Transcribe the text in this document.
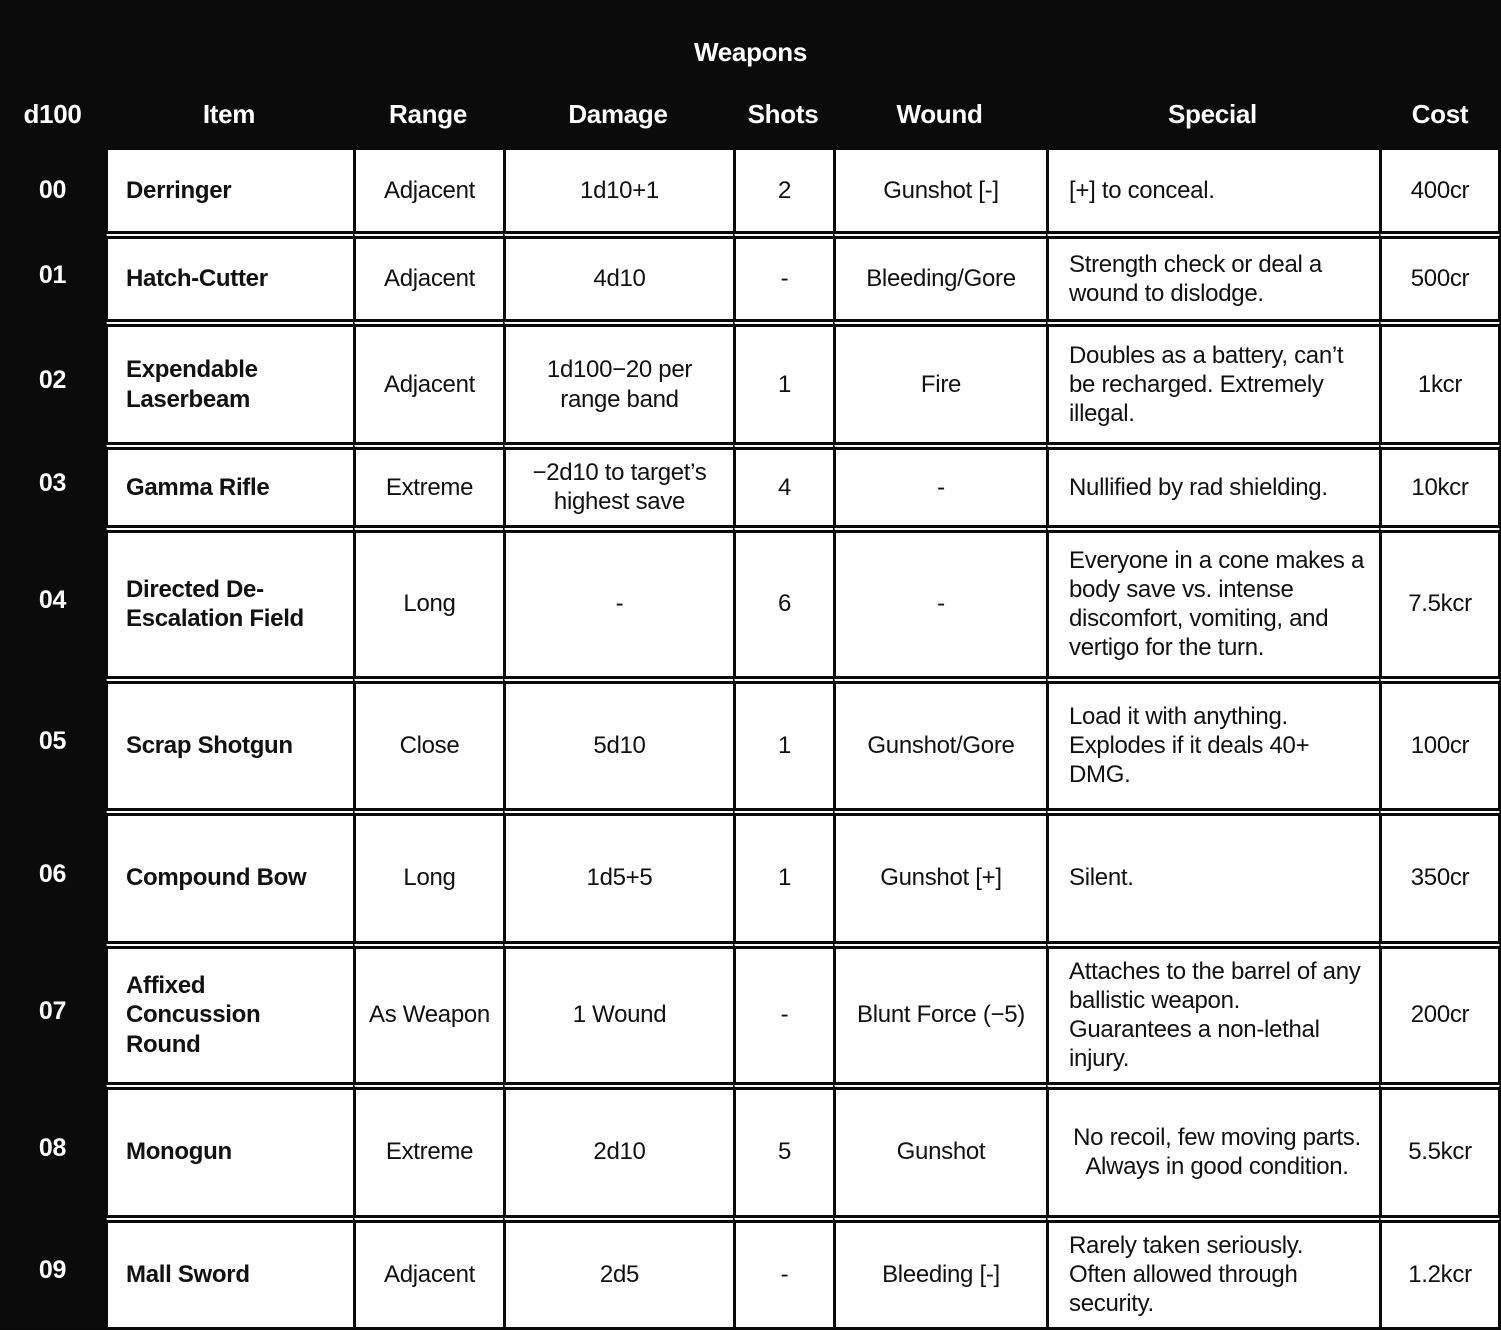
Weapons							
d100	Item	Range	Damage	Shots	Wound	Special	Cost
00	Derringer	Adjacent	1d10+1	2	Gunshot [-]	[+] to conceal.	400cr
01	Hatch-Cutter	Adjacent	4d10	-	Bleeding/Gore	Strength check or deal a wound to dislodge.	500cr
02	Expendable Laserbeam	Adjacent	1d100−20 per range band	1	Fire	Doubles as a battery, can’t be recharged. Extremely illegal.	1kcr
03	Gamma Rifle	Extreme	−2d10 to target’s highest save	4	-	Nullified by rad shielding.	10kcr
04	Directed De-Escalation Field	Long	-	6	-	Everyone in a cone makes a body save vs. intense discomfort, vomiting, and vertigo for the turn.	7.5kcr
05	Scrap Shotgun	Close	5d10	1	Gunshot/Gore	Load it with anything. Explodes if it deals 40+ DMG.	100cr
06	Compound Bow	Long	1d5+5	1	Gunshot [+]	Silent.	350cr
07	Affixed Concussion Round	As Weapon	1 Wound	-	Blunt Force (−5)	Attaches to the barrel of any ballistic weapon. Guarantees a non-lethal injury.	200cr
08	Monogun	Extreme	2d10	5	Gunshot	No recoil, few moving parts. Always in good condition.	5.5kcr
09	Mall Sword	Adjacent	2d5	-	Bleeding [-]	Rarely taken seriously. Often allowed through security.	1.2kcr
